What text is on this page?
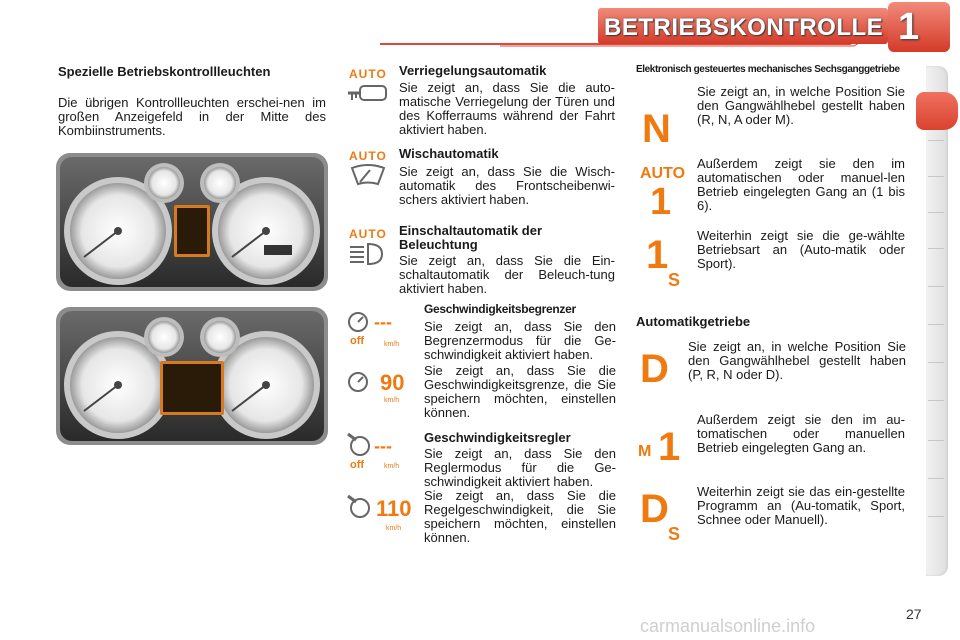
BETRIEBSKONTROLLE 1
Spezielle Betriebskontrollleuchten
Die übrigen Kontrollleuchten erschei-nen im großen Anzeigefeld in der Mitte des Kombiinstruments.
AUTO
AUTO
AUTO
off
---
km/h
90
km/h
off
---
km/h
110
km/h
Verriegelungsautomatik
Sie zeigt an, dass Sie die auto-matische Verriegelung der Türen und des Kofferraums während der Fahrt aktiviert haben.
Wischautomatik
Sie zeigt an, dass Sie die Wisch-automatik des Frontscheibenwi-schers aktiviert haben.
Einschaltautomatik der Beleuchtung
Sie zeigt an, dass Sie die Ein-schaltautomatik der Beleuch-tung aktiviert haben.
Geschwindigkeitsbegrenzer
Sie zeigt an, dass Sie den Begrenzermodus für die Ge-schwindigkeit aktiviert haben.
Sie zeigt an, dass Sie die Geschwindigkeitsgrenze, die Sie speichern möchten, einstellen können.
Geschwindigkeitsregler
Sie zeigt an, dass Sie den Reglermodus für die Ge-schwindigkeit aktiviert haben.
Sie zeigt an, dass Sie die Regelgeschwindigkeit, die Sie speichern möchten, einstellen können.
Elektronisch gesteuertes mechanisches Sechsganggetriebe
N
Sie zeigt an, in welche Position Sie den Gangwählhebel gestellt haben (R, N, A oder M).
AUTO
1
Außerdem zeigt sie den im automatischen oder manuel-len Betrieb eingelegten Gang an (1 bis 6).
1
S
Weiterhin zeigt sie die ge-wählte Betriebsart an (Auto-matik oder Sport).
Automatikgetriebe
D
Sie zeigt an, in welche Position Sie den Gangwählhebel gestellt haben (P, R, N oder D).
M 1
Außerdem zeigt sie den im au-tomatischen oder manuellen Betrieb eingelegten Gang an.
D
S
Weiterhin zeigt sie das ein-gestellte Programm an (Au-tomatik, Sport, Schnee oder Manuell).
27
carmanualsonline.info
